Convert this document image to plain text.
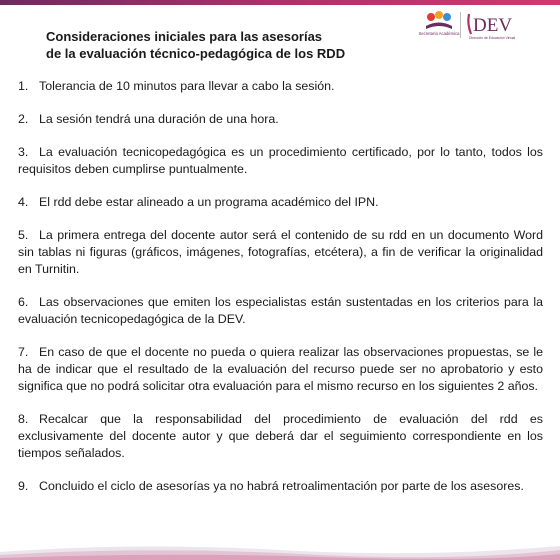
Consideraciones iniciales para las asesorías
de la evaluación técnico-pedagógica de los RDD
Secretaría Académica DEV
Dirección de Educación Virtual
1. Tolerancia de 10 minutos para llevar a cabo la sesión.
2. La sesión tendrá una duración de una hora.
3. La evaluación tecnicopedagógica es un procedimiento certificado, por lo tanto, todos los requisitos deben cumplirse puntualmente.
4. El rdd debe estar alineado a un programa académico del IPN.
5. La primera entrega del docente autor será el contenido de su rdd en un documento Word sin tablas ni figuras (gráficos, imágenes, fotografías, etcétera), a fin de verificar la originalidad en Turnitin.
6. Las observaciones que emiten los especialistas están sustentadas en los criterios para la evaluación tecnicopedagógica de la DEV.
7. En caso de que el docente no pueda o quiera realizar las observaciones propuestas, se le ha de indicar que el resultado de la evaluación del recurso puede ser no aprobatorio y esto significa que no podrá solicitar otra evaluación para el mismo recurso en los siguientes 2 años.
8. Recalcar que la responsabilidad del procedimiento de evaluación del rdd es exclusivamente del docente autor y que deberá dar el seguimiento correspondiente en los tiempos señalados.
9. Concluido el ciclo de asesorías ya no habrá retroalimentación por parte de los asesores.
